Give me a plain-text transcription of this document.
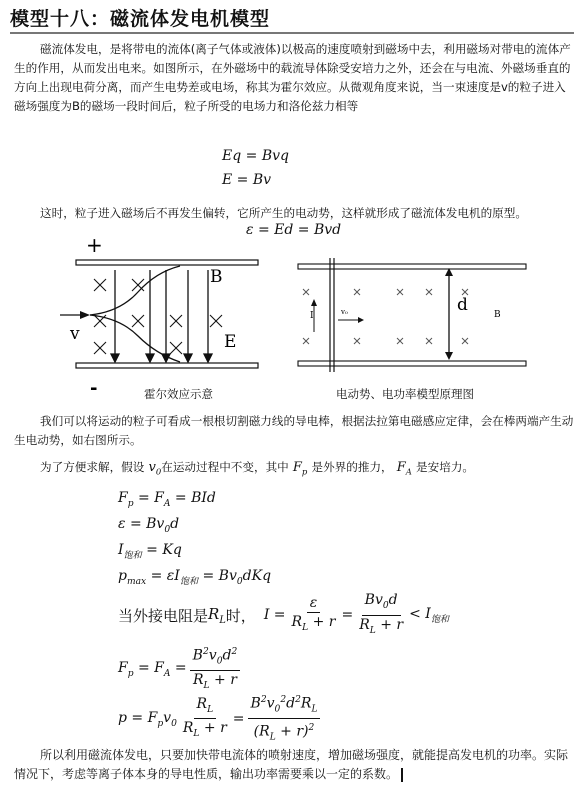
模型十八：磁流体发电机模型
磁流体发电，是将带电的流体(离子气体或液体)以极高的速度喷射到磁场中去，利用磁场对带电的流体产生的作用，从而发出电来。如图所示，在外磁场中的载流导体除受安培力之外，还会在与电流、外磁场垂直的方向上出现电荷分离，而产生电势差或电场，称其为霍尔效应。从微观角度来说，当一束速度是v的粒子进入磁场强度为B的磁场一段时间后，粒子所受的电场力和洛伦兹力相等
Eq = Bvq
E = Bv
这时，粒子进入磁场后不再发生偏转，它所产生的电动势，这样就形成了磁流体发电机的原型。
ε = Ed = Bvd
+
-
B
v	E
霍尔效应示意
I	v₀	d	B
电动势、电功率模型原理图
我们可以将运动的粒子可看成一根根切割磁力线的导电棒，根据法拉第电磁感应定律，会在棒两端产生动生电动势，如右图所示。
为了方便求解，假设 $v_0$在运动过程中不变，其中 $F_p$ 是外界的推力， $F_A$ 是安培力。
$F_p = F_A$ = BId
$\varepsilon = Bv_0d$
$I_{饱和} = Kq$
$p_{max} = \varepsilon I_{饱和} = Bv_0dKq$
当外接电阻是 $R_L$ 时， $I = \frac{\varepsilon}{R_L + r} = \frac{Bv_0d}{R_L + r} < I_{饱和}$
$F_p = F_A = \frac{B^2v_0d^2}{R_L + r}$
$p = F_pv_0 \frac{R_L}{R_L + r} = \frac{B^2v_0^2d^2R_L}{(R_L + r)^2}$
所以利用磁流体发电，只要加快带电流体的喷射速度，增加磁场强度，就能提高发电机的功率。实际情况下，考虑等离子体本身的导电性质，输出功率需要乘以一定的系数。
